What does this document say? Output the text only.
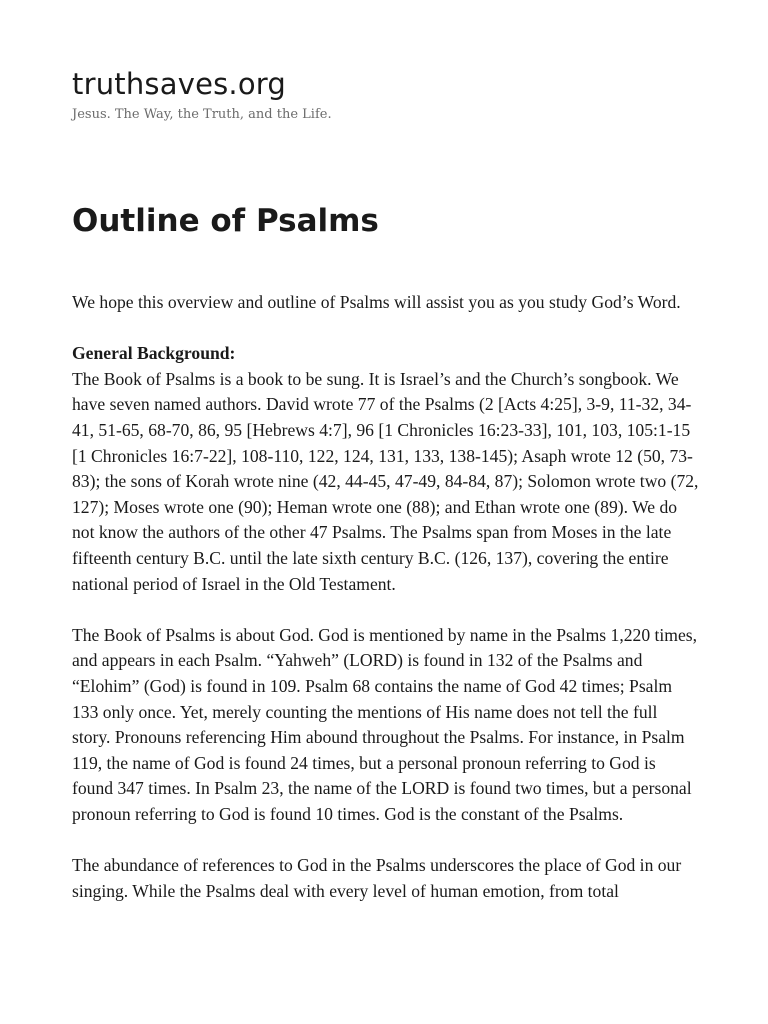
truthsaves.org
Jesus. The Way, the Truth, and the Life.
Outline of Psalms

We hope this overview and outline of Psalms will assist you as you study God’s Word.

General Background:
The Book of Psalms is a book to be sung. It is Israel’s and the Church’s songbook. We have seven named authors. David wrote 77 of the Psalms (2 [Acts 4:25], 3-9, 11-32, 34-41, 51-65, 68-70, 86, 95 [Hebrews 4:7], 96 [1 Chronicles 16:23-33], 101, 103, 105:1-15 [1 Chronicles 16:7-22], 108-110, 122, 124, 131, 133, 138-145); Asaph wrote 12 (50, 73-83); the sons of Korah wrote nine (42, 44-45, 47-49, 84-84, 87); Solomon wrote two (72, 127); Moses wrote one (90); Heman wrote one (88); and Ethan wrote one (89). We do not know the authors of the other 47 Psalms. The Psalms span from Moses in the late fifteenth century B.C. until the late sixth century B.C. (126, 137), covering the entire national period of Israel in the Old Testament.

The Book of Psalms is about God. God is mentioned by name in the Psalms 1,220 times, and appears in each Psalm. “Yahweh” (LORD) is found in 132 of the Psalms and “Elohim” (God) is found in 109. Psalm 68 contains the name of God 42 times; Psalm 133 only once. Yet, merely counting the mentions of His name does not tell the full story. Pronouns referencing Him abound throughout the Psalms. For instance, in Psalm 119, the name of God is found 24 times, but a personal pronoun referring to God is found 347 times. In Psalm 23, the name of the LORD is found two times, but a personal pronoun referring to God is found 10 times. God is the constant of the Psalms.

The abundance of references to God in the Psalms underscores the place of God in our singing. While the Psalms deal with every level of human emotion, from total
